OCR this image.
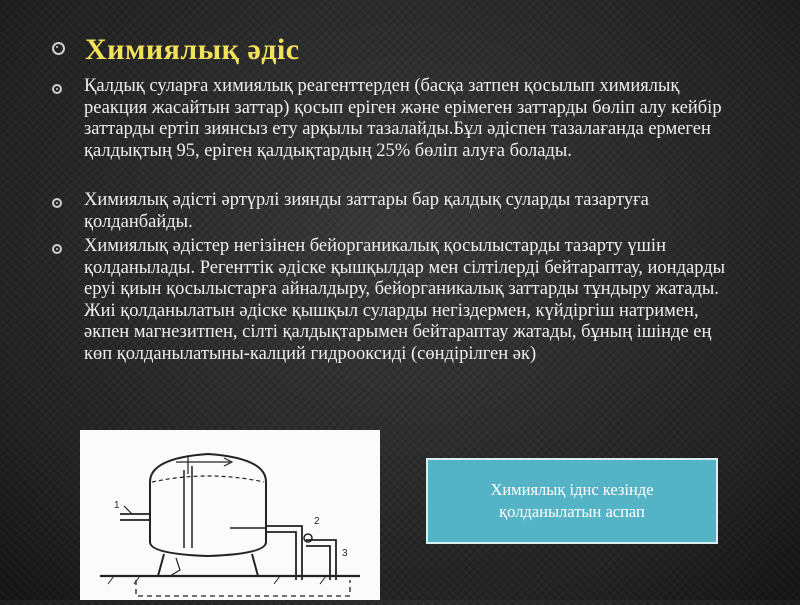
Химиялық әдіс
Қалдық суларға химиялық реагенттерден (басқа затпен қосылып химиялық реакция жасайтын заттар) қосып еріген және ерімеген заттарды бөліп алу кейбір заттарды ертіп зиянсыз ету арқылы тазалайды.Бұл әдіспен тазалағанда ермеген қалдықтың 95, еріген қалдықтардың 25% бөліп алуға болады.
Химиялық әдісті әртүрлі зиянды заттары бар қалдық суларды тазартуға қолданбайды.
Химиялық әдістер негізінен бейорганикалық қосылыстарды тазарту үшін қолданылады. Регенттік әдіске қышқылдар мен сілтілерді бейтараптау, иондарды еруі қиын қосылыстарға айналдыру, бейорганикалық заттарды тұндыру жатады. Жиі қолданылатын әдіске қышқыл суларды негіздермен, күйдіргіш натримен, әкпен магнезитпен, сілті қалдықтарымен бейтараптау жатады, бұның ішінде ең көп қолданылатыны-калций гидрооксиді (сөндірілген әк)
1
2
3
Химиялық іднс кезінде қолданылатын аспап
